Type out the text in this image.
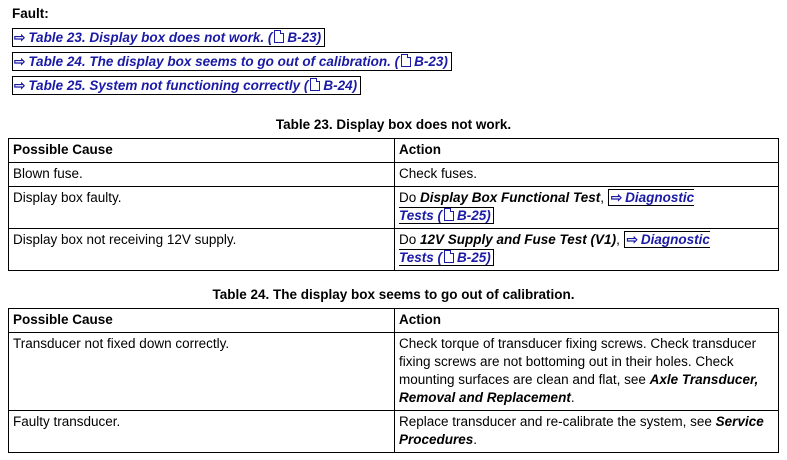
Fault:
⇨ Table 23. Display box does not work. ( B-23)
⇨ Table 24. The display box seems to go out of calibration. ( B-23)
⇨ Table 25. System not functioning correctly ( B-24)
Table 23. Display box does not work.
Possible Cause	Action
Blown fuse.	Check fuses.
Display box faulty.	Do Display Box Functional Test, ⇨ Diagnostic
Tests ( B-25)
Display box not receiving 12V supply.	Do 12V Supply and Fuse Test (V1), ⇨ Diagnostic
Tests ( B-25)
Table 24. The display box seems to go out of calibration.
Possible Cause	Action
Transducer not fixed down correctly.	Check torque of transducer fixing screws. Check transducer fixing screws are not bottoming out in their holes. Check mounting surfaces are clean and flat, see Axle Transducer, Removal and Replacement.
Faulty transducer.	Replace transducer and re-calibrate the system, see Service Procedures.
